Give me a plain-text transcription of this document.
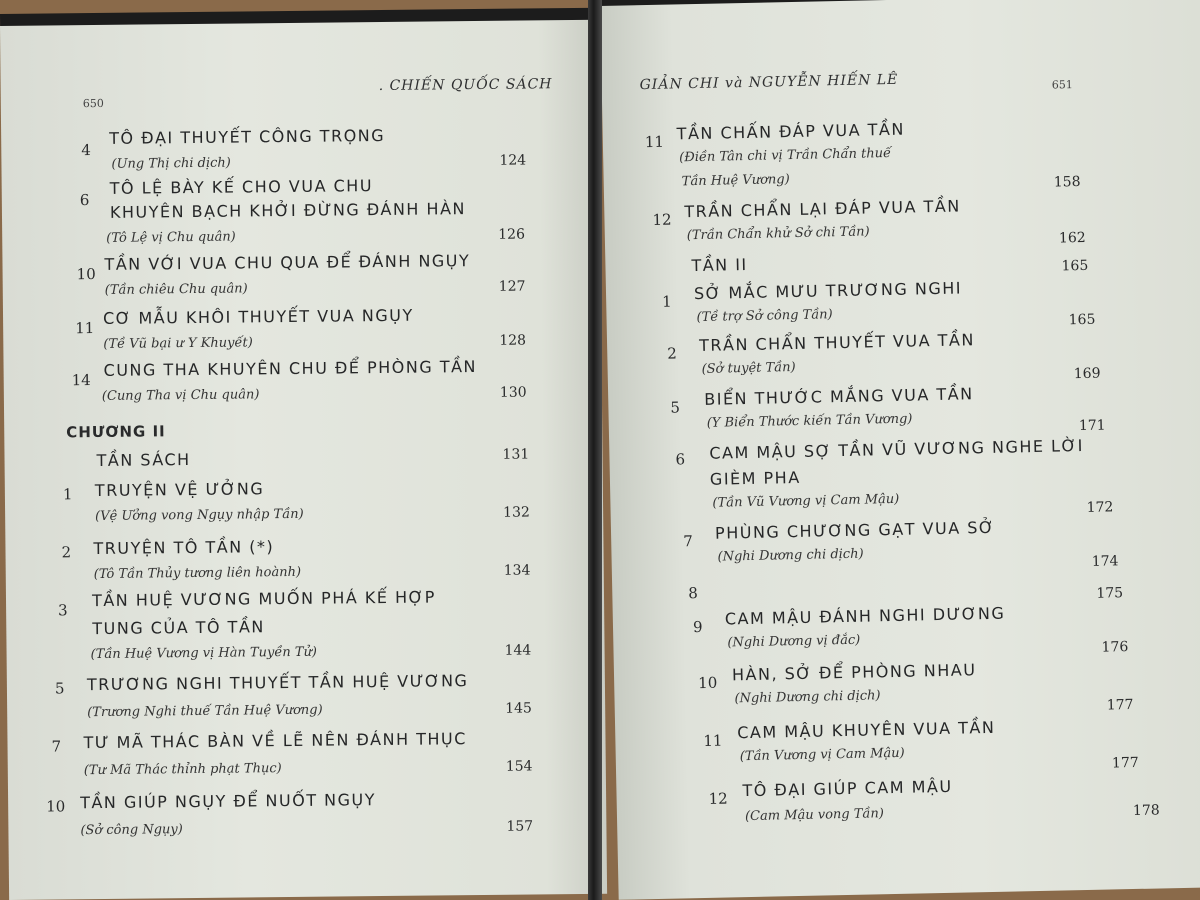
650
. CHIẾN QUỐC SÁCH
4
TÔ ĐẠI THUYẾT CÔNG TRỌNG
(Ung Thị chi dịch)	124
6
TÔ LỆ BÀY KẾ CHO VUA CHU
KHUYÊN BẠCH KHỞI ĐỪNG ĐÁNH HÀN
(Tô Lệ vị Chu quân)	126
10
TẦN VỚI VUA CHU QUA ĐỂ ĐÁNH NGỤY
(Tần chiêu Chu quân)	127
11
CƠ MẪU KHÔI THUYẾT VUA NGỤY
(Tề Vũ bại ư Y Khuyết)	128
14
CUNG THA KHUYÊN CHU ĐỂ PHÒNG TẦN
(Cung Tha vị Chu quân)	130
CHƯƠNG II
TẦN SÁCH	131
1 TRUYỆN VỆ ƯỞNG
(Vệ Ưởng vong Ngụy nhập Tần)	132
2 TRUYỆN TÔ TẦN (*)
(Tô Tần Thủy tương liên hoành)	134
3
TẦN HUỆ VƯƠNG MUỐN PHÁ KẾ HỢP
TUNG CỦA TÔ TẦN
(Tần Huệ Vương vị Hàn Tuyền Tử)	144
5 TRƯƠNG NGHI THUYẾT TẦN HUỆ VƯƠNG
(Trương Nghi thuế Tần Huệ Vương)	145
7 TƯ MÃ THÁC BÀN VỀ LẼ NÊN ĐÁNH THỤC
(Tư Mã Thác thỉnh phạt Thục)	154
10 TẦN GIÚP NGỤY ĐỂ NUỐT NGỤY
(Sở công Ngụy)	157
GIẢN CHI và NGUYỄN HIẾN LÊ	651
11 TẦN CHẤN ĐÁP VUA TẦN
(Điền Tân chi vị Trần Chẩn thuế
Tần Huệ Vương)	158
12 TRẦN CHẨN LẠI ĐÁP VUA TẦN
(Trần Chẩn khử Sở chi Tần)	162
TẦN II	165
1 SỞ MẮC MƯU TRƯƠNG NGHI
(Tề trợ Sở công Tần)	165
2 TRẦN CHẨN THUYẾT VUA TẦN
(Sở tuyệt Tần)	169
5 BIỂN THƯỚC MẮNG VUA TẦN
(Y Biển Thước kiến Tần Vương)	171
6 CAM MẬU SỢ TẦN VŨ VƯƠNG NGHE LỜI
GIÈM PHA
(Tần Vũ Vương vị Cam Mậu)	172
7 PHÙNG CHƯƠNG GẠT VUA SỞ
(Nghi Dương chi dịch)	174
8	175
9 CAM MẬU ĐÁNH NGHI DƯƠNG
(Nghi Dương vị đắc)	176
10 HÀN, SỞ ĐỂ PHÒNG NHAU
(Nghi Dương chi dịch)	177
11 CAM MẬU KHUYÊN VUA TẦN
(Tần Vương vị Cam Mậu)	177
12 TÔ ĐẠI GIÚP CAM MẬU
(Cam Mậu vong Tần)	178
